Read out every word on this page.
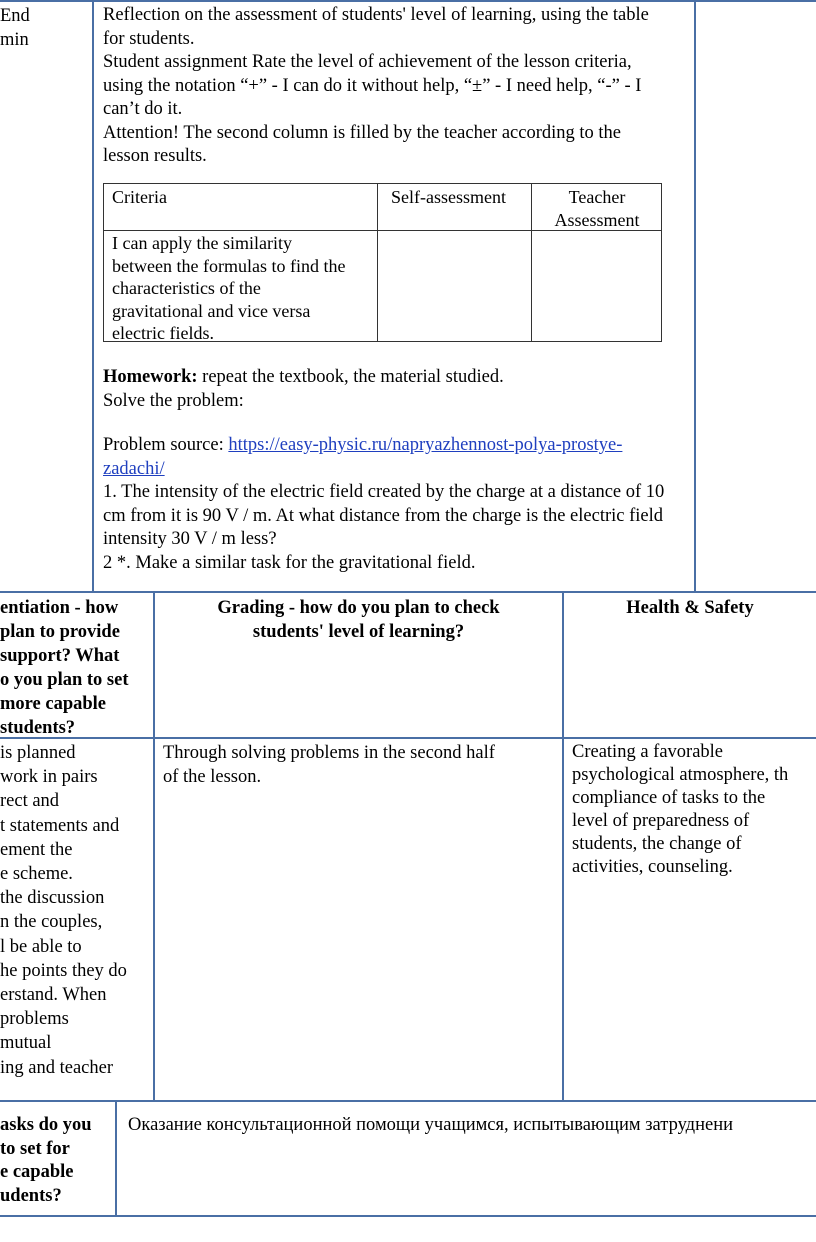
End
min
Reflection on the assessment of students' level of learning, using the table
for students.
Student assignment Rate the level of achievement of the lesson criteria,
using the notation “+” - I can do it without help, “±” - I need help, “-” - I
can’t do it.
Attention! The second column is filled by the teacher according to the
lesson results.
Criteria	Self-assessment	Teacher
Assessment
I can apply the similarity
between the formulas to find the
characteristics of the
gravitational and vice versa
electric fields.
Homework: repeat the textbook, the material studied.
Solve the problem:
Problem source: https://easy-physic.ru/napryazhennost-polya-prostye-
zadachi/
1. The intensity of the electric field created by the charge at a distance of 10
cm from it is 90 V / m. At what distance from the charge is the electric field
intensity 30 V / m less?
2 *. Make a similar task for the gravitational field.
entiation - how
plan to provide
support? What
o you plan to set
more capable
students?
Grading - how do you plan to check
students' level of learning?
Health & Safety
is planned
work in pairs
rect and
t statements and
ement the
e scheme.
the discussion
n the couples,
l be able to
he points they do
erstand. When
problems
mutual
ing and teacher
Through solving problems in the second half
of the lesson.
Creating a favorable
psychological atmosphere, th
compliance of tasks to the
level of preparedness of
students, the change of
activities, counseling.
asks do you
to set for
e capable
udents?
Оказание консультационной помощи учащимся, испытывающим затруднени
